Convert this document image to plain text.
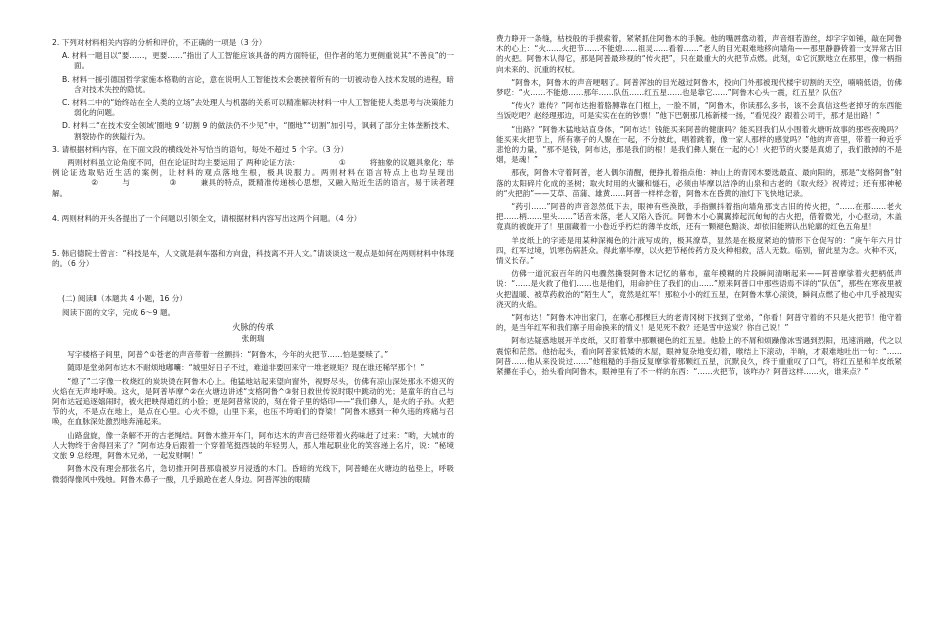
2. 下列对材料相关内容的分析和评价，不正确的一项是（3 分）

A. 材料一题目以“要……，更要……”指出了人工智能应该具备的两方面特征，但作者的笔力更侧重说其“不善良”的一面。

B. 材料一援引德国哲学家施本格勒的言论，意在说明人工智能技术会裹挟着所有的一切被动卷入技术发展的进程，暗含对技术失控的隐忧。

C. 材料二中的“始终站在全人类的立场”去处理人与机器的关系可以精准解决材料一中人工智能使人类思考与决策能力弱化的问题。

D. 材料二“在技术安全领域‘圈地 9 ’切割 9 的做法仍不少见”中，“圈地”“切割”加引号，讽刺了部分主体垄断技术、割裂协作的狭隘行为。

3. 请根据材料内容，在下面文段的横线处补写恰当的语句，每处不超过 5 个字。（3 分）

两则材料虽立论角度不同，但在论证时均主要运用了 两种论证方法：	①	将抽象的议题具象化；举例论证选取贴近生活的案例，让材料的观点落地生根，极具说服力。两则材料在语言特点上也均呈现出②	与	③	兼具的特点，既精准传递核心思想，又融入贴近生活的语言，易于读者理解。

4. 两则材料的开头各提出了一个问题以引领全文，请根据材料内容写出这两个问题。（4 分）

5. 韩启德院士曾言：“科技是车，人文就是刹车器和方向盘，科技离不开人文。”请谈谈这一观点是如何在两则材料中体现的。（6 分）

(二) 阅读Ⅱ（本题共 4 小题，16 分）

阅读下面的文字，完成 6～9 题。

火脉的传承

张朗瑞

写字楼格子间里，阿普^①苍老的声音带着一丝颤抖：“阿鲁木，今年的火把节……怕是要赎了。”

随即是堂弟阿布达木不耐烦地嘟囔：“城里好日子不过，难道非要回来守一堆老规矩？现在谁还稀罕那个！”

“熄了”二字像一枚烧红的炭块烫在阿鲁木心上。他猛地站起来望向窗外，视野尽头，仿佛有凉山深处那永不熄灭的火焰在无声地呼唤。这火，是阿普毕摩^②在火塘边讲述“支格阿鲁^③射日救世传说时眼中跳动的光；是童年的自己与阿布达冠追逐嬉闹时，被火把映得通红的小脸；更是阿普常说的，刻在骨子里的烙印——“我们彝人，是火的子孙。火把节的火，不是点在地上，是点在心里。心火不熄，山里下来，也压不垮咱们的脊梁！”阿鲁木感到一种久违的疼痛与召唤，在血脉深处激烈地奔涌起来。

山路盘旋，像一条解不开的古老绳结。阿鲁木推开车门，阿布达木的声音已经带着火药味赶了过来：“哟，大城市的人大物终于舍得回来了？”阿布达身后跟着一个穿着笔挺西装的年轻男人，那人堆起职业化的笑容递上名片，说：“秘境文旅 9 总经理，阿鲁木兄弟，一起发财啊！”

阿鲁木没有理会那张名片，急切推开阿普那扇被岁月浸透的木门。昏暗的光线下，阿普蜷在火塘边的毡垫上，呼吸微弱得像风中残烛。阿鲁木鼻子一酸，几乎踉跄在老人身边。阿普浑浊的眼睛

费力睁开一条缝，枯枝般的手摸索着，紧紧抓住阿鲁木的手腕。他的嘴唇翕动着，声音细若游丝，却字字如锤，敲在阿鲁木的心上：“火……火把节……不能熄……祖灵……看着……”老人的目光艰难地移向墙角——那里静静倚着一支异常古旧的火把。阿鲁木认得它，那是阿普最珍视的“传火把”，只在最重大的火把节点燃。此刻，①它沉默地立在那里，像一柄指向未来的、沉重的权杖。

“阿鲁木，阿鲁木的声音哽咽了。阿普浑浊的目光越过阿鲁木，投向门外那被现代楼宇切割的天空，喃喃低语，仿佛梦呓：“火……不能熄……那年……队伍……红五星……也是靠它……”阿鲁木心头一震，红五星？队伍？

“传火？谁传？”阿布达抱着胳膊靠在门框上，一脸不屑，“阿鲁木，你读那么多书，该不会真信这些老掉牙的东西能当饭吃吧？赵经理那边，可是实实在在的钞票！”他下巴朝那几栋新楼一扬，“看见没？跟着公司干，那才是出路！”

“出路？”阿鲁木猛地站直身体，“阿布达！钱能买来阿普的健康吗？能买回我们从小围着火塘听故事的那些夜晚吗？能买来火把节上，所有寨子的人聚在一起，不分彼此，唱着跳着，像一家人那样的感觉吗？”他的声音里，带着一种近乎悲怆的力量，“那不是钱，阿布达，那是我们的根！是我们彝人聚在一起的心！火把节的火要是真熄了，我们散掉的不是烟，是魂！”

那夜，阿鲁木守着阿普，老人偶尔清醒，便挣扎着指点他：神山上的青冈木要选最直、最向阳的，那是“支格阿鲁”射落的太阳碎片化成的圣树；取火时用的火镰和燧石，必须由毕摩以洁净的山泉和古老的《取火经》祝祷过；还有那神秘的“火把韵”——艾草、苗蒲、雄黄……阿普一样样念着，阿鲁木在昏黄的油灯下飞快地记录。

“药引……”阿普的声音忽然低下去，眼神有些涣散，手指颤抖着指向墙角那支古旧的传火把，“……在那……老火把……柄……里头……”话音未落，老人又陷入昏沉。阿鲁木小心翼翼捧起沉甸甸的古火把，借着微光，小心抠动，木盖竟真的被旋开了！里面藏着一小卷近乎朽烂的薄羊皮纸，还有一颗褪色黯淡、却依旧能辨认出轮廓的红色五角星！

羊皮纸上的字迹是用某种深褐色的汁液写成的，极其潦草，显然是在极度紧迫的情形下仓促写的：“庚午年六月廿四，红军过境，饥寒伤病甚众。得此寨毕摩，以火把节秘传药方及火种相救，活人无数。临别，留此星为念。火种不灭，情义长存。”

仿佛一道沉寂百年的闪电骤然撕裂阿鲁木记忆的幕布，童年模糊的片段瞬间清晰起来——阿普摩挲着火把柄低声说：“……是火救了他们……也是他们，用命护住了我们的山……”原来阿普口中那些语焉不详的“队伍”，那些在寒夜里被火把温暖、被草药救治的“陌生人”，竟然是红军！那粒小小的红五星，在阿鲁木掌心滚烫，瞬间点燃了他心中几乎被现实浇灭的火焰。

“阿布达！”阿鲁木冲出家门，在寨心那棵巨大的老青冈树下找到了堂弟，“你看！阿普守着的不只是火把节！他守着的，是当年红军和我们寨子用命换来的情义！是见死不救？还是雪中送炭？你自己说！”

阿布达疑惑地展开羊皮纸，又盯着掌中那颗褪色的红五星。他脸上的不屑和烦躁像冰雪遇到烈阳，迅速消融，代之以震惊和茫然。他抬起头，看向阿普家低矮的木屋，眼神复杂地变幻着，喉结上下滚动，半晌，才艰难地吐出一句：“……阿普……他从来没说过……”他粗糙的手指反复摩挲着那颗红五星，沉默良久，终于重重叹了口气，将红五星和羊皮纸紧紧攥在手心，抬头看向阿鲁木，眼神里有了不一样的东西：“……火把节，该咋办？阿普这样……火，谁来点？”
